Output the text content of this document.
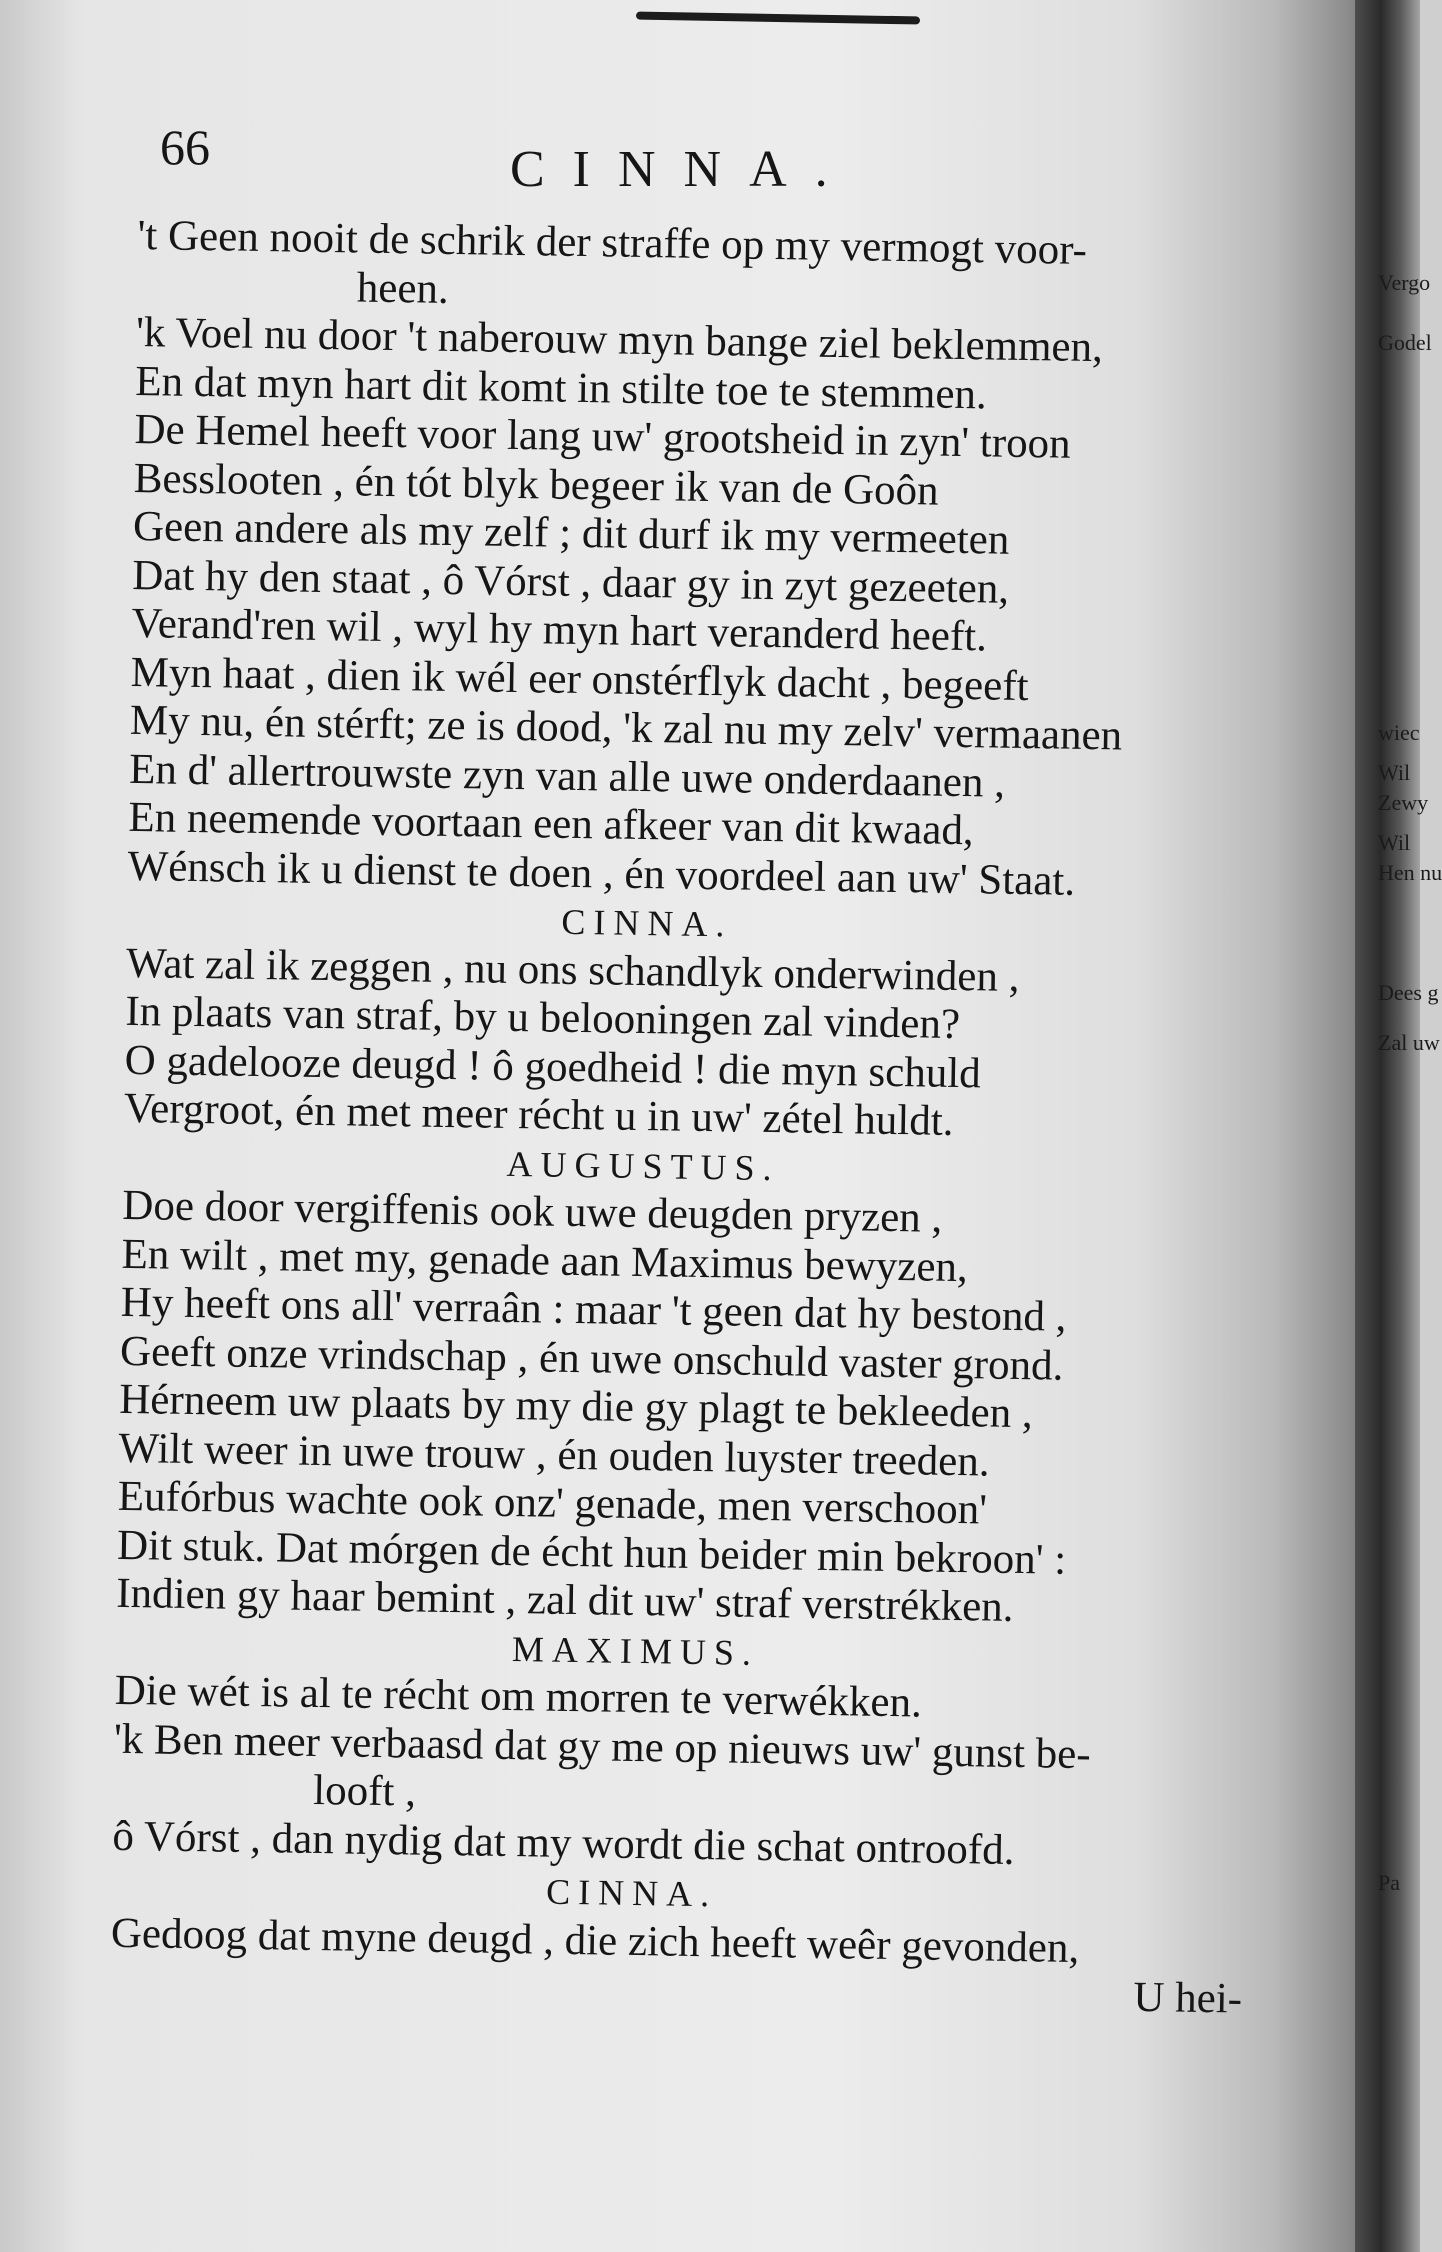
66	CINNA.
't Geen nooit de schrik der straffe op my vermogt voor-
heen.
'k Voel nu door 't naberouw myn bange ziel beklemmen,
En dat myn hart dit komt in stilte toe te stemmen.
De Hemel heeft voor lang uw' grootsheid in zyn' troon
Besslooten , én tót blyk begeer ik van de Goôn
Geen andere als my zelf ; dit durf ik my vermeeten
Dat hy den staat , ô Vórst , daar gy in zyt gezeeten,
Verand'ren wil , wyl hy myn hart veranderd heeft.
Myn haat , dien ik wél eer onstérflyk dacht , begeeft
My nu, én stérft; ze is dood, 'k zal nu my zelv' vermaanen
En d' allertrouwste zyn van alle uwe onderdaanen ,
En neemende voortaan een afkeer van dit kwaad,
Wénsch ik u dienst te doen , én voordeel aan uw' Staat.
CINNA.
Wat zal ik zeggen , nu ons schandlyk onderwinden ,
In plaats van straf, by u belooningen zal vinden?
O gadelooze deugd ! ô goedheid ! die myn schuld
Vergroot, én met meer récht u in uw' zétel huldt.
AUGUSTUS.
Doe door vergiffenis ook uwe deugden pryzen ,
En wilt , met my, genade aan Maximus bewyzen,
Hy heeft ons all' verraân : maar 't geen dat hy bestond ,
Geeft onze vrindschap , én uwe onschuld vaster grond.
Hérneem uw plaats by my die gy plagt te bekleeden ,
Wilt weer in uwe trouw , én ouden luyster treeden.
Eufórbus wachte ook onz' genade, men verschoon'
Dit stuk. Dat mórgen de écht hun beider min bekroon' :
Indien gy haar bemint , zal dit uw' straf verstrékken.
MAXIMUS.
Die wét is al te récht om morren te verwékken.
'k Ben meer verbaasd dat gy me op nieuws uw' gunst be-
looft ,
ô Vórst , dan nydig dat my wordt die schat ontroofd.
CINNA.
Gedoog dat myne deugd , die zich heeft weêr gevonden,
U hei-
Vergo
Godel
wiec
Wil
Zewy
Wil
Hen nu
Dees g
Zal uw
Pa
